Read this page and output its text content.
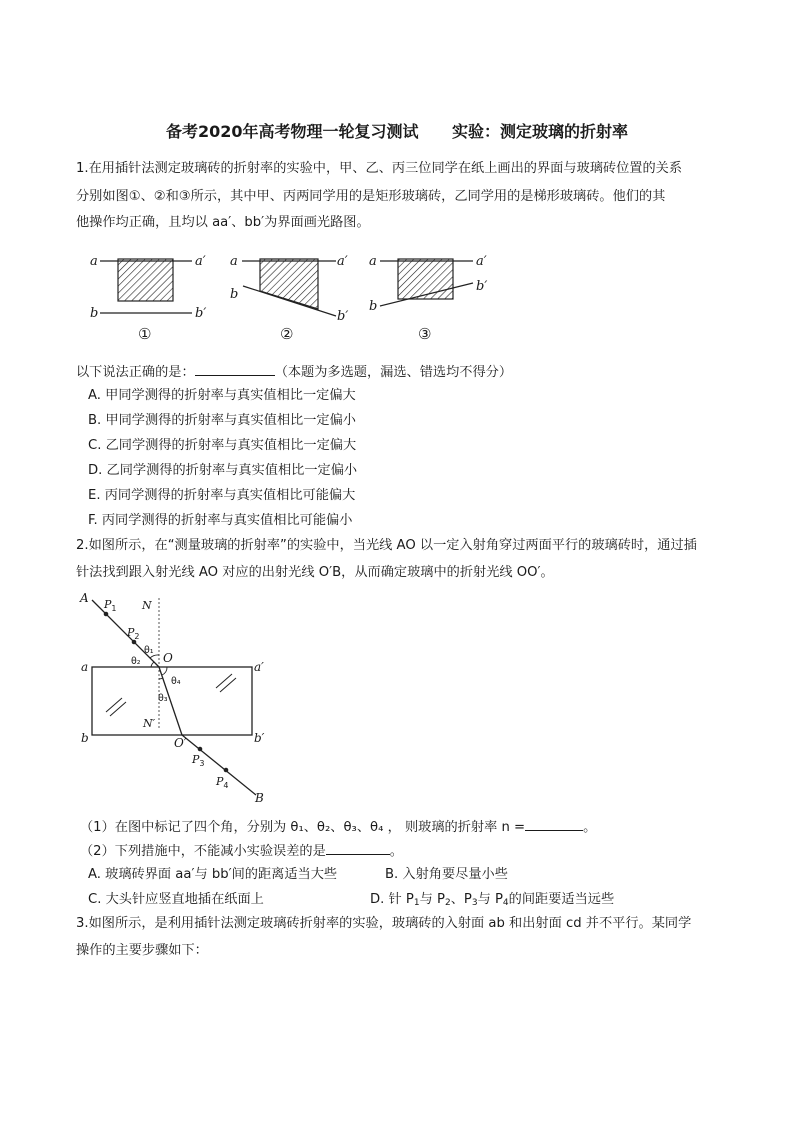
备考2020年高考物理一轮复习测试      实验：测定玻璃的折射率
1.在用插针法测定玻璃砖的折射率的实验中，甲、乙、丙三位同学在纸上画出的界面与玻璃砖位置的关系
分别如图①、②和③所示，其中甲、丙两同学用的是矩形玻璃砖，乙同学用的是梯形玻璃砖。他们的其
他操作均正确，且均以 aa′、bb′为界面画光路图。
a	a′
b	b′
①
a	a′
b
b′
②
a	a′
b
b′
③
以下说法正确的是：	（本题为多选题，漏选、错选均不得分）
A. 甲同学测得的折射率与真实值相比一定偏大
B. 甲同学测得的折射率与真实值相比一定偏小
C. 乙同学测得的折射率与真实值相比一定偏大
D. 乙同学测得的折射率与真实值相比一定偏小
E. 丙同学测得的折射率与真实值相比可能偏大
F. 丙同学测得的折射率与真实值相比可能偏小
2.如图所示，在“测量玻璃的折射率”的实验中，当光线 AO 以一定入射角穿过两面平行的玻璃砖时，通过插
针法找到跟入射光线 AO 对应的出射光线 O′B，从而确定玻璃中的折射光线 OO′。
A $P_1$
$P_2$
N
θ₁
θ₂ O
θ₄
θ₃
N′
a	a′
b	b′
O′
$P_3$
$P_4$
B
（1）在图中标记了四个角，分别为 θ₁、θ₂、θ₃、θ₄ ， 则玻璃的折射率 n =	。
（2）下列措施中，不能减小实验误差的是	。
A. 玻璃砖界面 aa′与 bb′间的距离适当大些	B. 入射角要尽量小些
C. 大头针应竖直地插在纸面上	D. 针 $P_1$与 $P_2$、$P_3$与 $P_4$的间距要适当远些
3.如图所示，是利用插针法测定玻璃砖折射率的实验，玻璃砖的入射面 ab 和出射面 cd 并不平行。某同学
操作的主要步骤如下：
